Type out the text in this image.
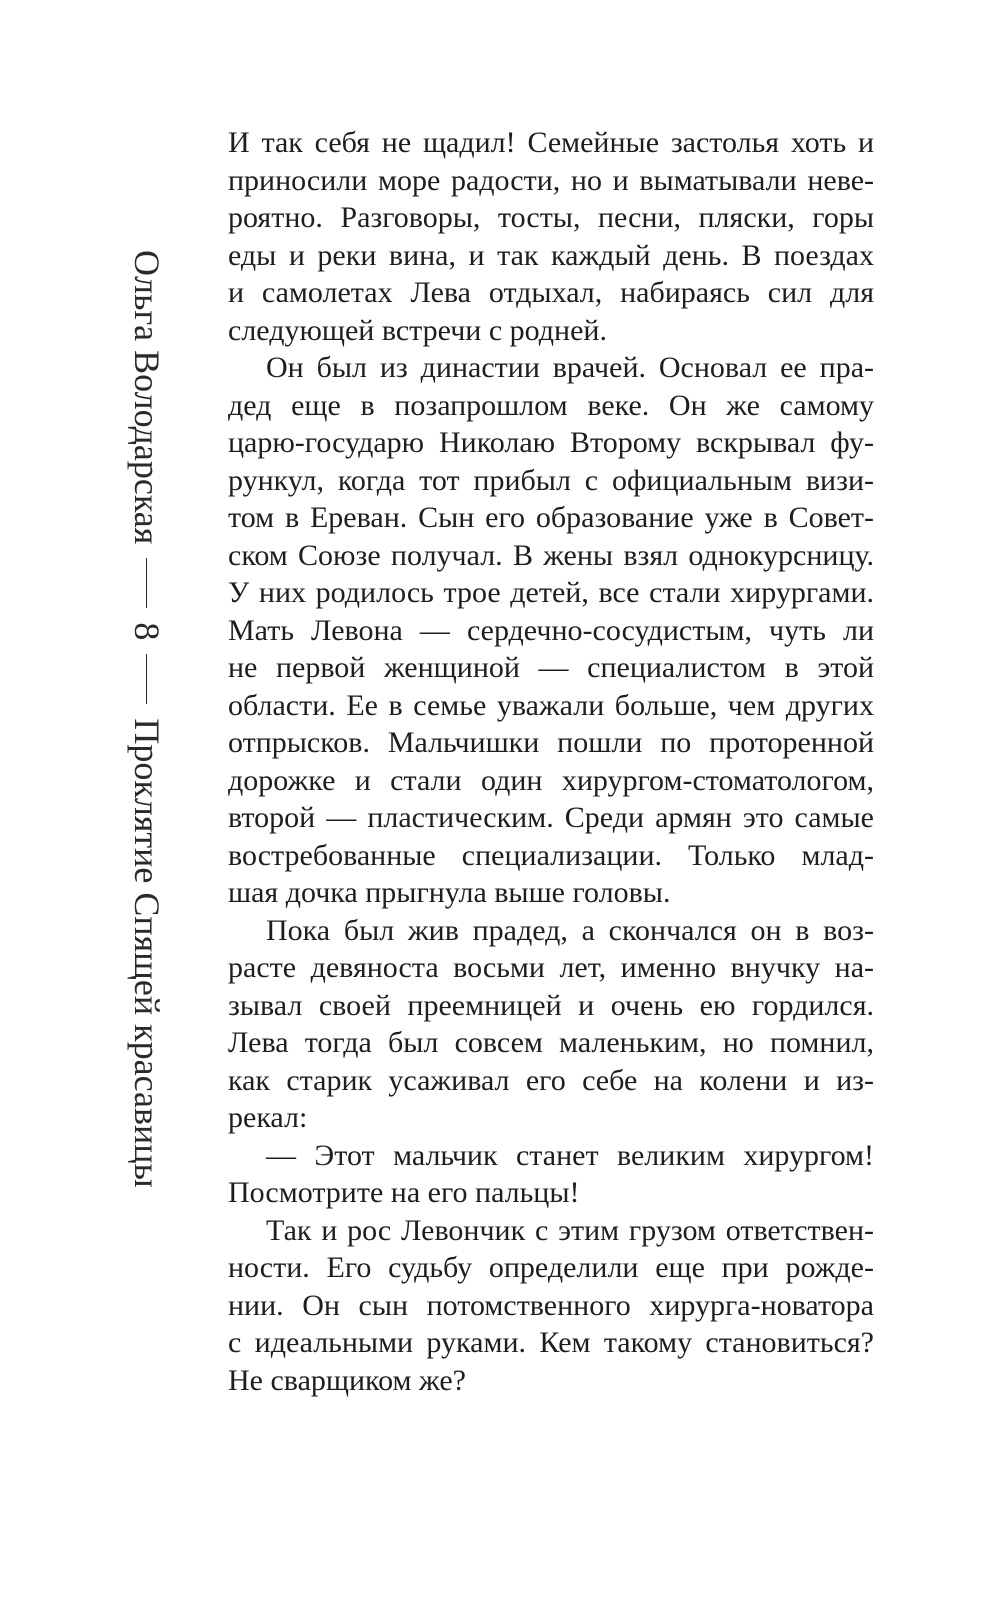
Ольга Володарская
8
Проклятие Спящей красавицы
И так себя не щадил! Семейные застолья хоть и
приносили море радости, но и выматывали неве-
роятно. Разговоры, тосты, песни, пляски, горы
еды и реки вина, и так каждый день. В поездах
и самолетах Лева отдыхал, набираясь сил для
следующей встречи с родней.
Он был из династии врачей. Основал ее пра-
дед еще в позапрошлом веке. Он же самому
царю-государю Николаю Второму вскрывал фу-
рункул, когда тот прибыл с официальным визи-
том в Ереван. Сын его образование уже в Совет-
ском Союзе получал. В жены взял однокурсницу.
У них родилось трое детей, все стали хирургами.
Мать Левона — сердечно-сосудистым, чуть ли
не первой женщиной — специалистом в этой
области. Ее в семье уважали больше, чем других
отпрысков. Мальчишки пошли по проторенной
дорожке и стали один хирургом-стоматологом,
второй — пластическим. Среди армян это самые
востребованные специализации. Только млад-
шая дочка прыгнула выше головы.
Пока был жив прадед, а скончался он в воз-
расте девяноста восьми лет, именно внучку на-
зывал своей преемницей и очень ею гордился.
Лева тогда был совсем маленьким, но помнил,
как старик усаживал его себе на колени и из-
рекал:
— Этот мальчик станет великим хирургом!
Посмотрите на его пальцы!
Так и рос Левончик с этим грузом ответствен-
ности. Его судьбу определили еще при рожде-
нии. Он сын потомственного хирурга-новатора
с идеальными руками. Кем такому становиться?
Не сварщиком же?
